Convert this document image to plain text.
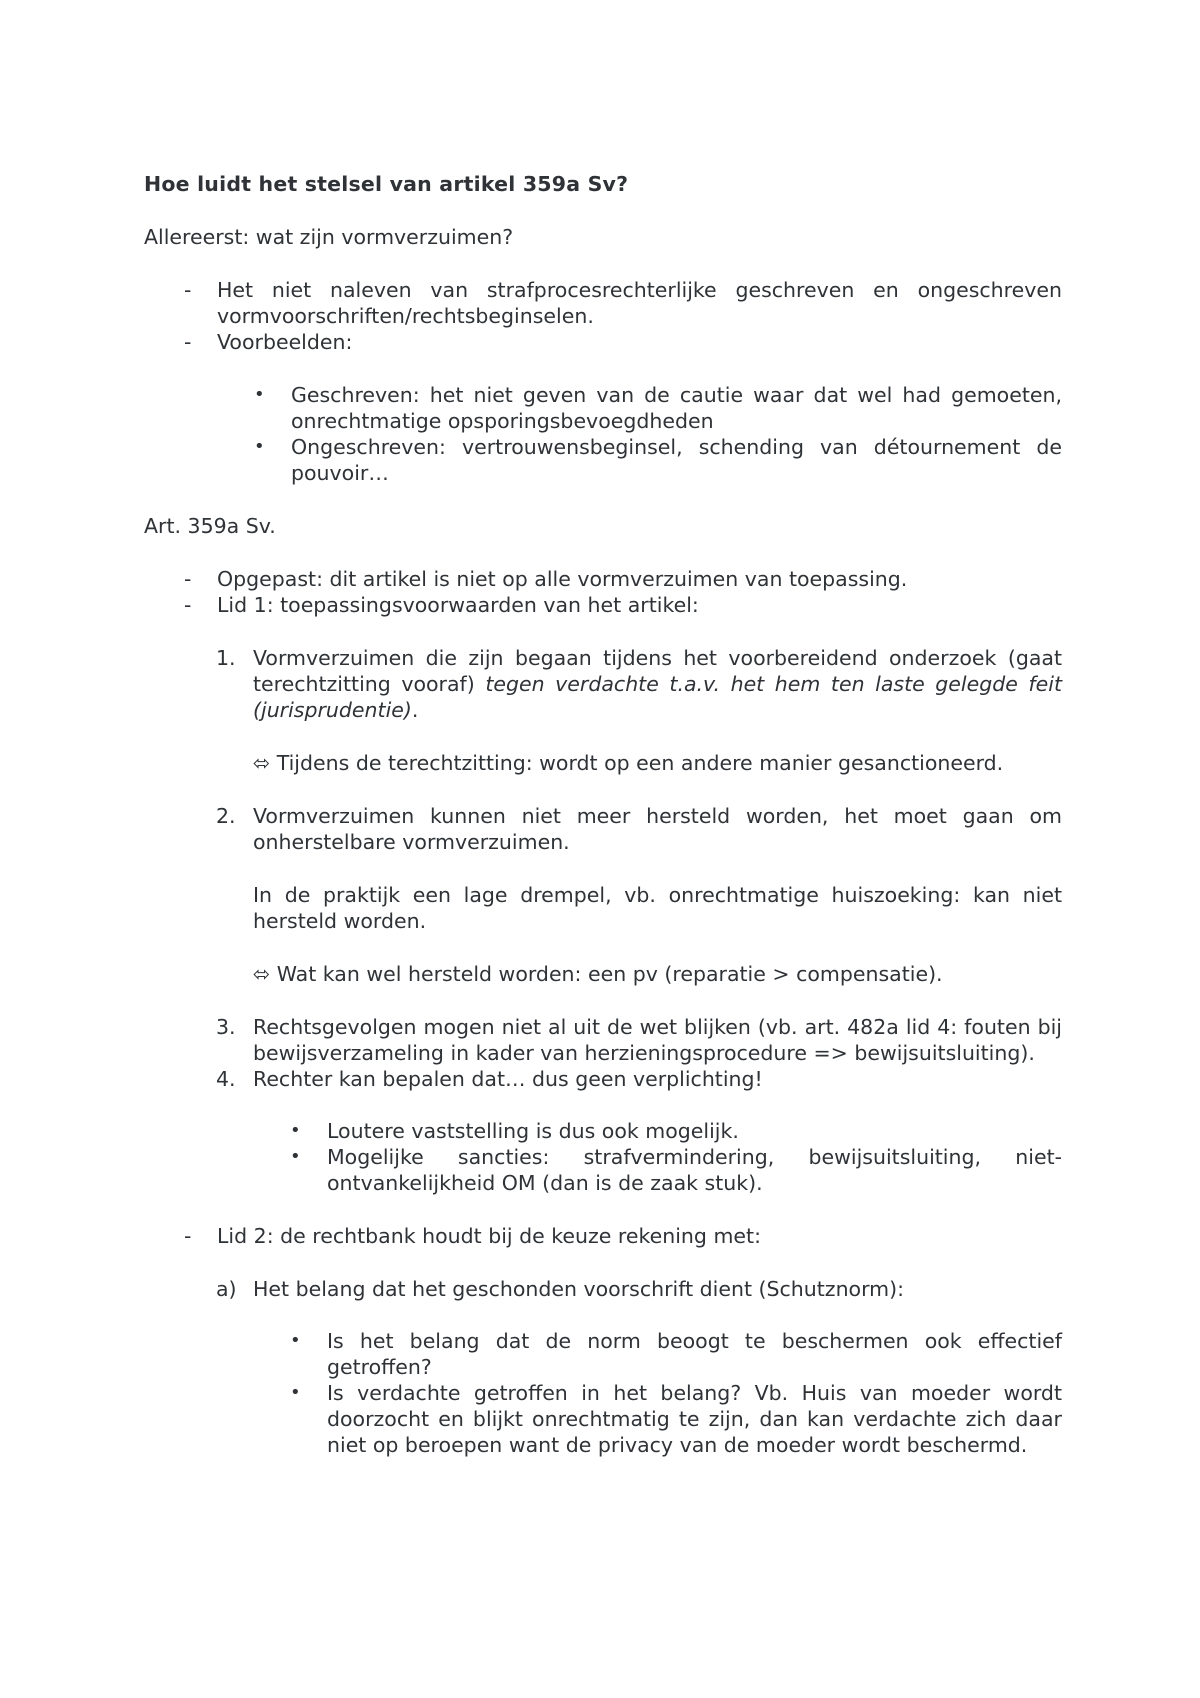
Hoe luidt het stelsel van artikel 359a Sv?
Allereerst: wat zijn vormverzuimen?
- Het niet naleven van strafprocesrechterlijke geschreven en ongeschreven vormvoorschriften/rechtsbeginselen.
- Voorbeelden:
• Geschreven: het niet geven van de cautie waar dat wel had gemoeten, onrechtmatige opsporingsbevoegdheden
• Ongeschreven: vertrouwensbeginsel, schending van détournement de pouvoir…
Art. 359a Sv.
- Opgepast: dit artikel is niet op alle vormverzuimen van toepassing.
- Lid 1: toepassingsvoorwaarden van het artikel:
1. Vormverzuimen die zijn begaan tijdens het voorbereidend onderzoek (gaat terechtzitting vooraf) tegen verdachte t.a.v. het hem ten laste gelegde feit (jurisprudentie).
⬄ Tijdens de terechtzitting: wordt op een andere manier gesanctioneerd.
2. Vormverzuimen kunnen niet meer hersteld worden, het moet gaan om onherstelbare vormverzuimen.
In de praktijk een lage drempel, vb. onrechtmatige huiszoeking: kan niet hersteld worden.
⬄ Wat kan wel hersteld worden: een pv (reparatie > compensatie).
3. Rechtsgevolgen mogen niet al uit de wet blijken (vb. art. 482a lid 4: fouten bij bewijsverzameling in kader van herzieningsprocedure => bewijsuitsluiting).
4. Rechter kan bepalen dat… dus geen verplichting!
• Loutere vaststelling is dus ook mogelijk.
• Mogelijke sancties: strafvermindering, bewijsuitsluiting, niet-ontvankelijkheid OM (dan is de zaak stuk).
- Lid 2: de rechtbank houdt bij de keuze rekening met:
a) Het belang dat het geschonden voorschrift dient (Schutznorm):
• Is het belang dat de norm beoogt te beschermen ook effectief getroffen?
• Is verdachte getroffen in het belang? Vb. Huis van moeder wordt doorzocht en blijkt onrechtmatig te zijn, dan kan verdachte zich daar niet op beroepen want de privacy van de moeder wordt beschermd.
